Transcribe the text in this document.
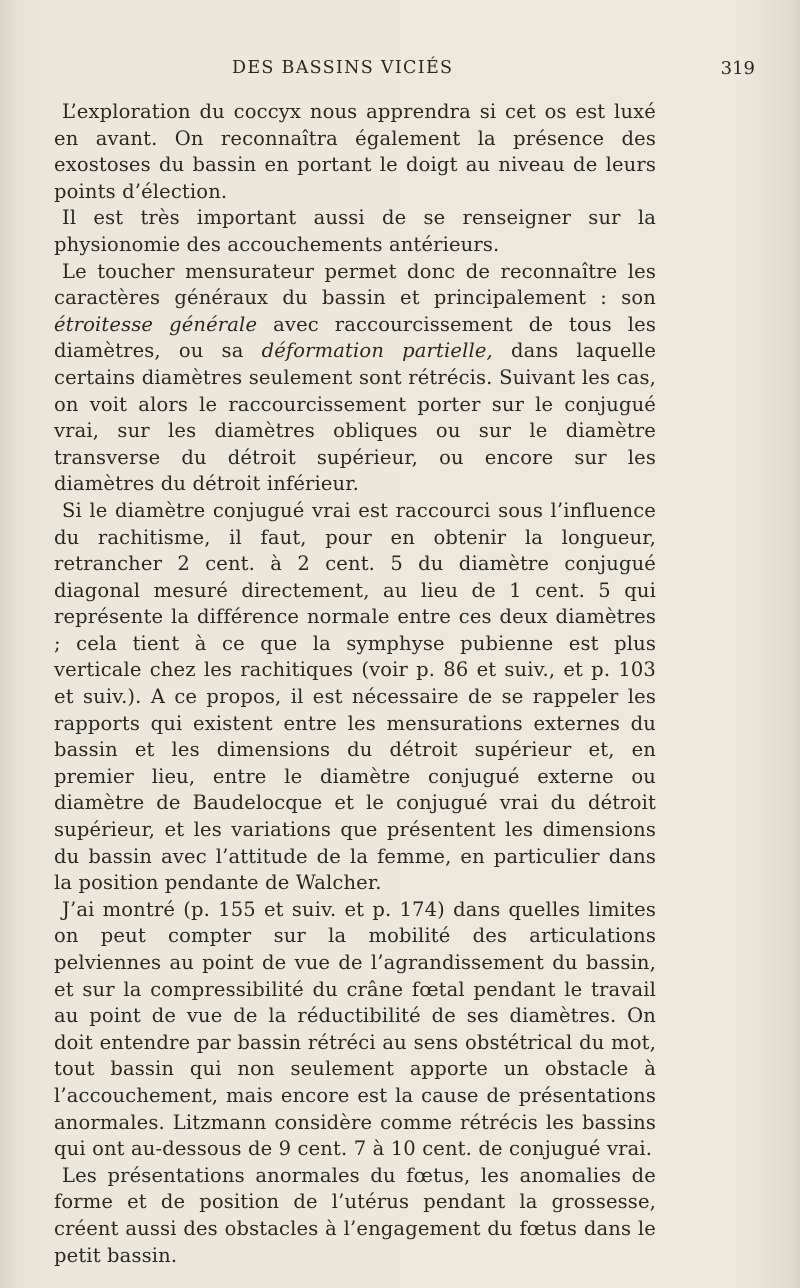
DES BASSINS VICIÉS	319

L’exploration du coccyx nous apprendra si cet os est luxé en avant. On reconnaîtra également la présence des exostoses du bassin en portant le doigt au niveau de leurs points d’élection.

Il est très important aussi de se renseigner sur la physionomie des accouchements antérieurs.

Le toucher mensurateur permet donc de reconnaître les caractères généraux du bassin et principalement : son étroitesse générale avec raccourcissement de tous les diamètres, ou sa déformation partielle, dans laquelle certains diamètres seulement sont rétrécis. Suivant les cas, on voit alors le raccourcissement porter sur le conjugué vrai, sur les diamètres obliques ou sur le diamètre transverse du détroit supérieur, ou encore sur les diamètres du détroit inférieur.

Si le diamètre conjugué vrai est raccourci sous l’influence du rachitisme, il faut, pour en obtenir la longueur, retrancher 2 cent. à 2 cent. 5 du diamètre conjugué diagonal mesuré directement, au lieu de 1 cent. 5 qui représente la différence normale entre ces deux diamètres ; cela tient à ce que la symphyse pubienne est plus verticale chez les rachitiques (voir p. 86 et suiv., et p. 103 et suiv.). A ce propos, il est nécessaire de se rappeler les rapports qui existent entre les mensurations externes du bassin et les dimensions du détroit supérieur et, en premier lieu, entre le diamètre conjugué externe ou diamètre de Baudelocque et le conjugué vrai du détroit supérieur, et les variations que présentent les dimensions du bassin avec l’attitude de la femme, en particulier dans la position pendante de Walcher.

J’ai montré (p. 155 et suiv. et p. 174) dans quelles limites on peut compter sur la mobilité des articulations pelviennes au point de vue de l’agrandissement du bassin, et sur la compressibilité du crâne fœtal pendant le travail au point de vue de la réductibilité de ses diamètres. On doit entendre par bassin rétréci au sens obstétrical du mot, tout bassin qui non seulement apporte un obstacle à l’accouchement, mais encore est la cause de présentations anormales. Litzmann considère comme rétrécis les bassins qui ont au-dessous de 9 cent. 7 à 10 cent. de conjugué vrai.

Les présentations anormales du fœtus, les anomalies de forme et de position de l’utérus pendant la grossesse, créent aussi des obstacles à l’engagement du fœtus dans le petit bassin.
